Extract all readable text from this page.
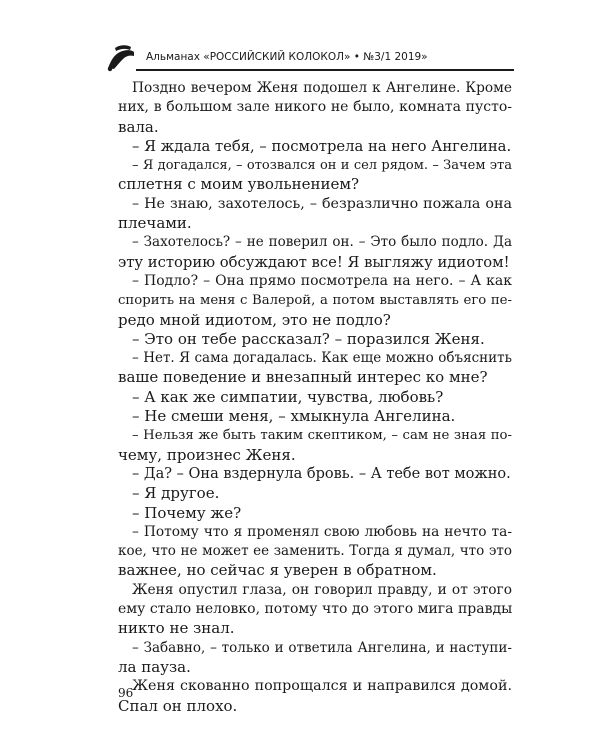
Альманах «РОССИЙСКИЙ КОЛОКОЛ» • №3/1 2019»
Поздно вечером Женя подошел к Ангелине. Кроме
них, в большом зале никого не было, комната пусто-
вала.
– Я ждала тебя, – посмотрела на него Ангелина.
– Я догадался, – отозвался он и сел рядом. – Зачем эта
сплетня с моим увольнением?
– Не знаю, захотелось, – безразлично пожала она
плечами.
– Захотелось? – не поверил он. – Это было подло. Да
эту историю обсуждают все! Я выгляжу идиотом!
– Подло? – Она прямо посмотрела на него. – А как
спорить на меня с Валерой, а потом выставлять его пе-
редо мной идиотом, это не подло?
– Это он тебе рассказал? – поразился Женя.
– Нет. Я сама догадалась. Как еще можно объяснить
ваше поведение и внезапный интерес ко мне?
– А как же симпатии, чувства, любовь?
– Не смеши меня, – хмыкнула Ангелина.
– Нельзя же быть таким скептиком, – сам не зная по-
чему, произнес Женя.
– Да? – Она вздернула бровь. – А тебе вот можно.
– Я другое.
– Почему же?
– Потому что я променял свою любовь на нечто та-
кое, что не может ее заменить. Тогда я думал, что это
важнее, но сейчас я уверен в обратном.
Женя опустил глаза, он говорил правду, и от этого
ему стало неловко, потому что до этого мига правды
никто не знал.
– Забавно, – только и ответила Ангелина, и наступи-
ла пауза.
Женя скованно попрощался и направился домой.
Спал он плохо.
96
